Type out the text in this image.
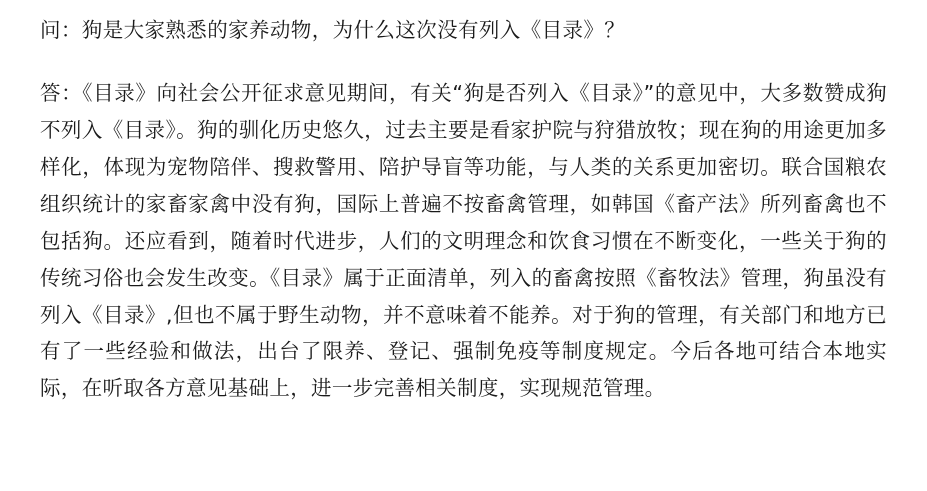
问：狗是大家熟悉的家养动物，为什么这次没有列入《目录》？

答：《目录》向社会公开征求意见期间，有关“狗是否列入《目录》”的意见中，大多数赞成狗不列入《目录》。狗的驯化历史悠久，过去主要是看家护院与狩猎放牧；现在狗的用途更加多样化，体现为宠物陪伴、搜救警用、陪护导盲等功能，与人类的关系更加密切。联合国粮农组织统计的家畜家禽中没有狗，国际上普遍不按畜禽管理，如韩国《畜产法》所列畜禽也不包括狗。还应看到，随着时代进步，人们的文明理念和饮食习惯在不断变化，一些关于狗的传统习俗也会发生改变。《目录》属于正面清单，列入的畜禽按照《畜牧法》管理，狗虽没有列入《目录》,但也不属于野生动物，并不意味着不能养。对于狗的管理，有关部门和地方已有了一些经验和做法，出台了限养、登记、强制免疫等制度规定。今后各地可结合本地实际，在听取各方意见基础上，进一步完善相关制度，实现规范管理。
